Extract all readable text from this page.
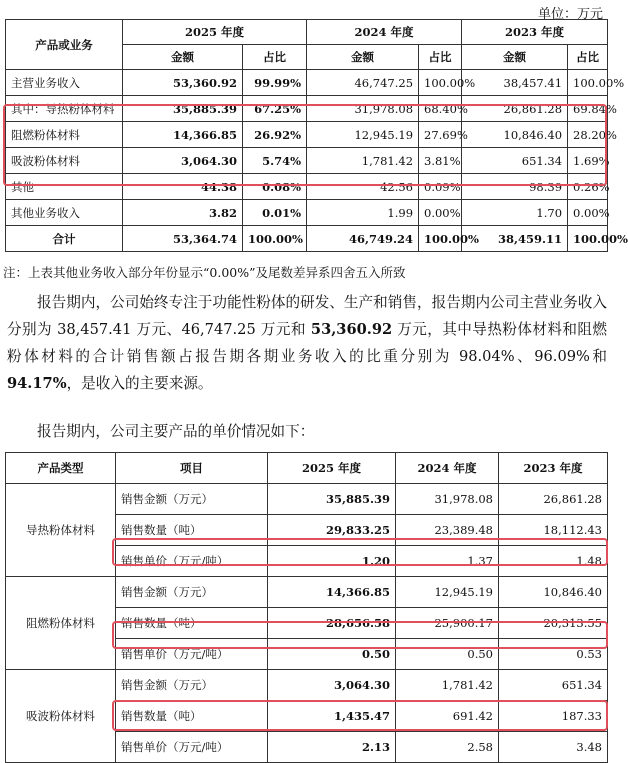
单位：万元
产品或业务	2025 年度		2024 年度		2023 年度	
	金额	占比	金额	占比	金额	占比
主营业务收入	53,360.92	99.99%	46,747.25	100.00%	38,457.41	100.00%
其中：导热粉体材料	35,885.39	67.25%	31,978.08	68.40%	26,861.28	69.84%
阻燃粉体材料	14,366.85	26.92%	12,945.19	27.69%	10,846.40	28.20%
吸波粉体材料	3,064.30	5.74%	1,781.42	3.81%	651.34	1.69%
其他	44.38	0.08%	42.56	0.09%	98.39	0.26%
其他业务收入	3.82	0.01%	1.99	0.00%	1.70	0.00%
合计	53,364.74	100.00%	46,749.24	100.00%	38,459.11	100.00%
注：上表其他业务收入部分年份显示“0.00%”及尾数差异系四舍五入所致
报告期内，公司始终专注于功能性粉体的研发、生产和销售，报告期内公司主营业务收入分别为 38,457.41 万元、46,747.25 万元和 53,360.92 万元，其中导热粉体材料和阻燃粉体材料的合计销售额占报告期各期业务收入的比重分别为 98.04%、96.09%和 94.17%，是收入的主要来源。
报告期内，公司主要产品的单价情况如下：
产品类型	项目	2025 年度	2024 年度	2023 年度
导热粉体材料	销售金额（万元）	35,885.39	31,978.08	26,861.28
	销售数量（吨）	29,833.25	23,389.48	18,112.43
	销售单价（万元/吨）	1.20	1.37	1.48
阻燃粉体材料	销售金额（万元）	14,366.85	12,945.19	10,846.40
	销售数量（吨）	28,656.58	25,900.17	20,313.55
	销售单价（万元/吨）	0.50	0.50	0.53
吸波粉体材料	销售金额（万元）	3,064.30	1,781.42	651.34
	销售数量（吨）	1,435.47	691.42	187.33
	销售单价（万元/吨）	2.13	2.58	3.48
